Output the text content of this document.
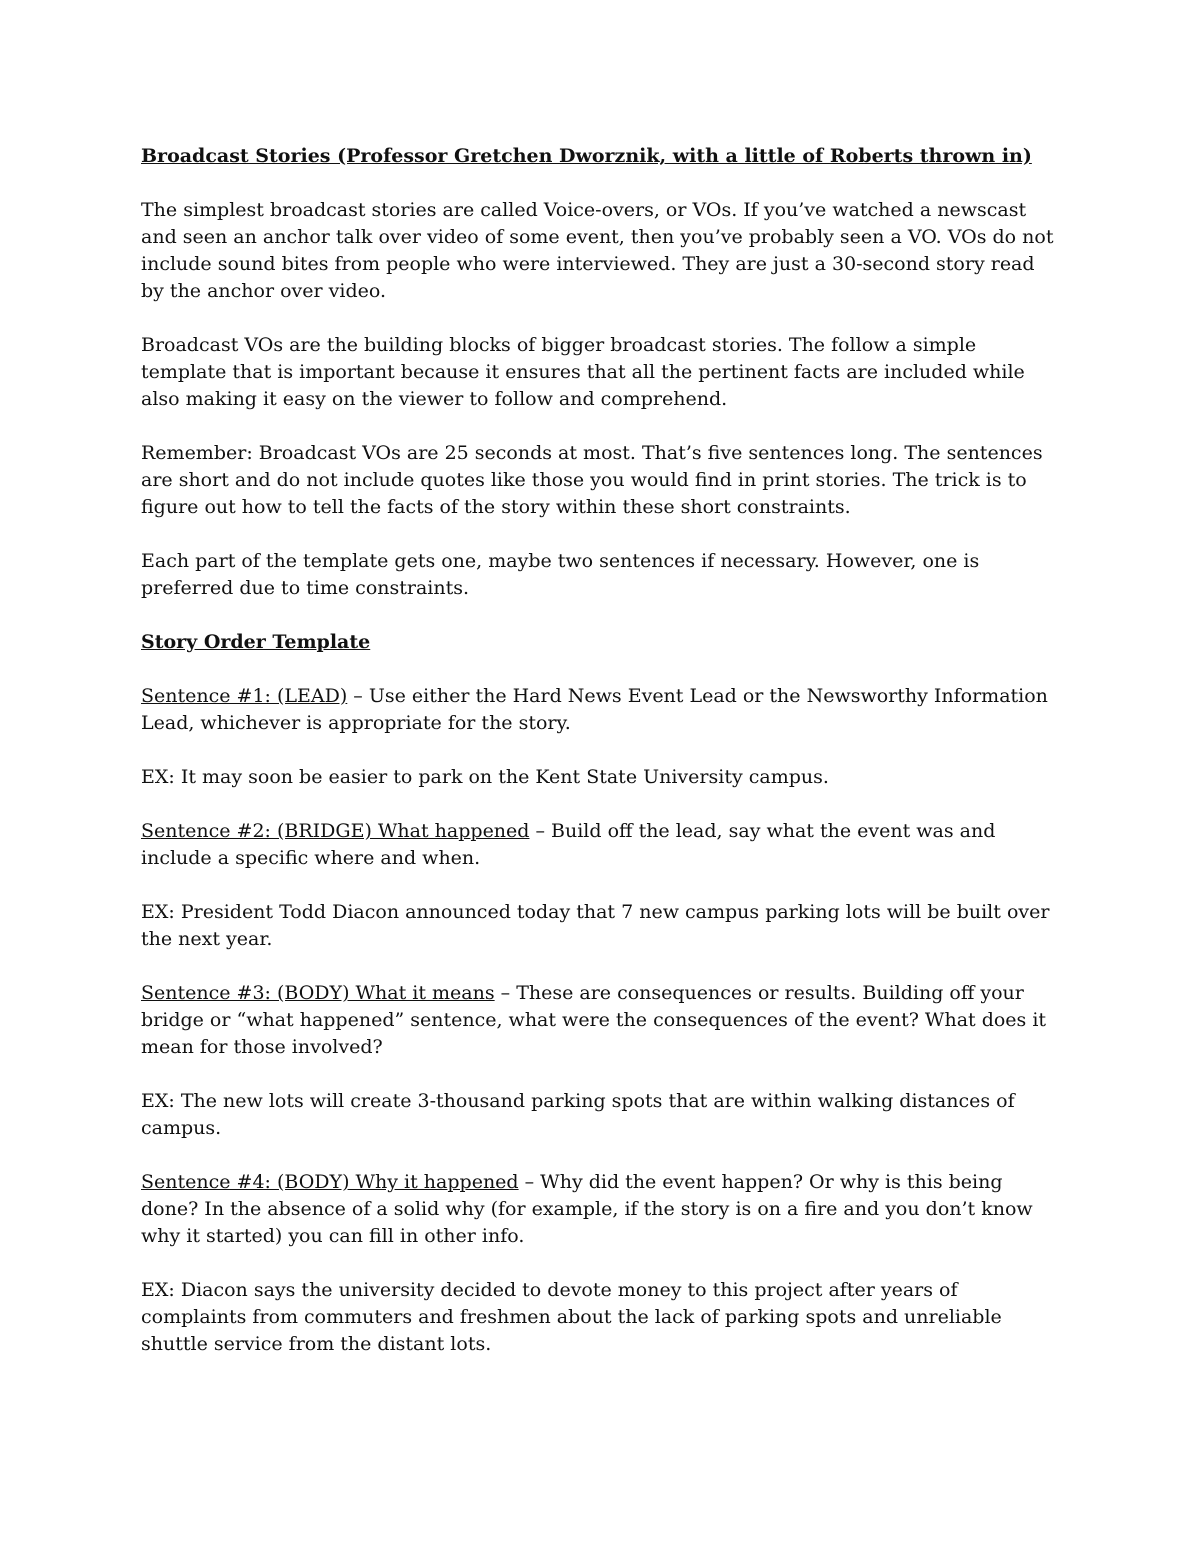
Broadcast Stories (Professor Gretchen Dworznik, with a little of Roberts thrown in)

The simplest broadcast stories are called Voice-overs, or VOs. If you’ve watched a newscast and seen an anchor talk over video of some event, then you’ve probably seen a VO. VOs do not include sound bites from people who were interviewed. They are just a 30-second story read by the anchor over video.

Broadcast VOs are the building blocks of bigger broadcast stories. The follow a simple template that is important because it ensures that all the pertinent facts are included while also making it easy on the viewer to follow and comprehend.

Remember: Broadcast VOs are 25 seconds at most. That’s five sentences long. The sentences are short and do not include quotes like those you would find in print stories. The trick is to figure out how to tell the facts of the story within these short constraints.

Each part of the template gets one, maybe two sentences if necessary. However, one is preferred due to time constraints.

Story Order Template

Sentence #1: (LEAD) – Use either the Hard News Event Lead or the Newsworthy Information Lead, whichever is appropriate for the story.

EX: It may soon be easier to park on the Kent State University campus.

Sentence #2: (BRIDGE) What happened – Build off the lead, say what the event was and include a specific where and when.

EX: President Todd Diacon announced today that 7 new campus parking lots will be built over the next year.

Sentence #3: (BODY) What it means – These are consequences or results. Building off your bridge or “what happened” sentence, what were the consequences of the event? What does it mean for those involved?

EX: The new lots will create 3-thousand parking spots that are within walking distances of campus.

Sentence #4: (BODY) Why it happened – Why did the event happen? Or why is this being done? In the absence of a solid why (for example, if the story is on a fire and you don’t know why it started) you can fill in other info.

EX: Diacon says the university decided to devote money to this project after years of complaints from commuters and freshmen about the lack of parking spots and unreliable shuttle service from the distant lots.
